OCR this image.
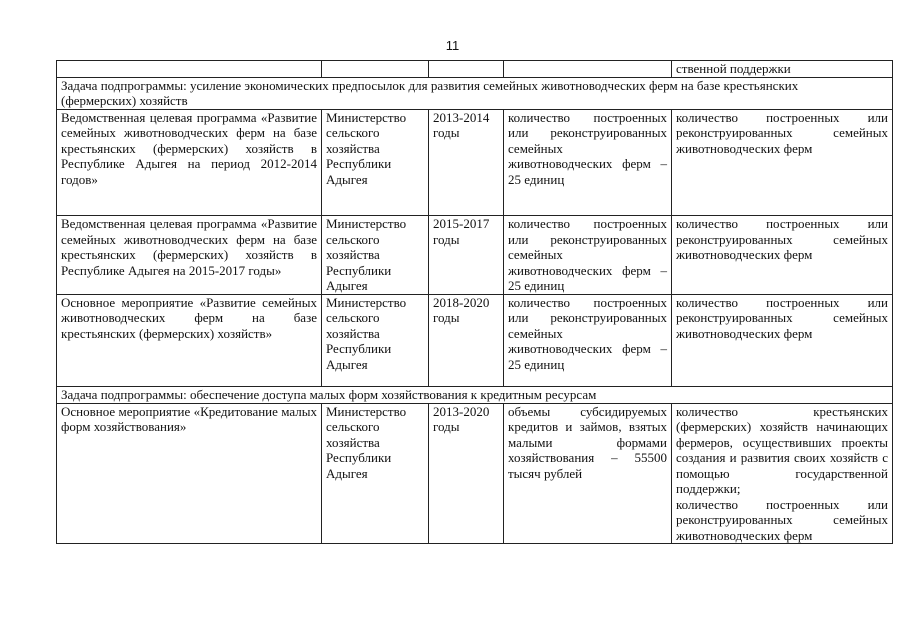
11
				ственной поддержки
Задача подпрограммы: усиление экономических предпосылок для развития семейных животноводческих ферм на базе крестьянских (фермерских) хозяйств				
Ведомственная целевая программа «Развитие семейных животноводческих ферм на базе крестьянских (фермерских) хозяйств в Республике Адыгея на период 2012-2014 годов»	Министерство сельского хозяйства Республики Адыгея	2013-2014 годы	количество построенных или реконструированных семейных животноводческих ферм – 25 единиц	количество построенных или реконструированных семейных животноводческих ферм
Ведомственная целевая программа «Развитие семейных животноводческих ферм на базе крестьянских (фермерских) хозяйств в Республике Адыгея на 2015-2017 годы»	Министерство сельского хозяйства Республики Адыгея	2015-2017 годы	количество построенных или реконструированных семейных животноводческих ферм – 25 единиц	количество построенных или реконструированных семейных животноводческих ферм
Основное мероприятие «Развитие семейных животноводческих ферм на базе крестьянских (фермерских) хозяйств»	Министерство сельского хозяйства Республики Адыгея	2018-2020 годы	количество построенных или реконструированных семейных животноводческих ферм – 25 единиц	количество построенных или реконструированных семейных животноводческих ферм
Задача подпрограммы: обеспечение доступа малых форм хозяйствования к кредитным ресурсам				
Основное мероприятие «Кредитование малых форм хозяйствования»	Министерство сельского хозяйства Республики Адыгея	2013-2020 годы	объемы субсидируемых кредитов и займов, взятых малыми формами хозяйствования – 55500 тысяч рублей	количество крестьянских (фермерских) хозяйств начинающих фермеров, осуществивших проекты создания и развития своих хозяйств с помощью государственной поддержки;
количество построенных или реконструированных семейных животноводческих ферм
